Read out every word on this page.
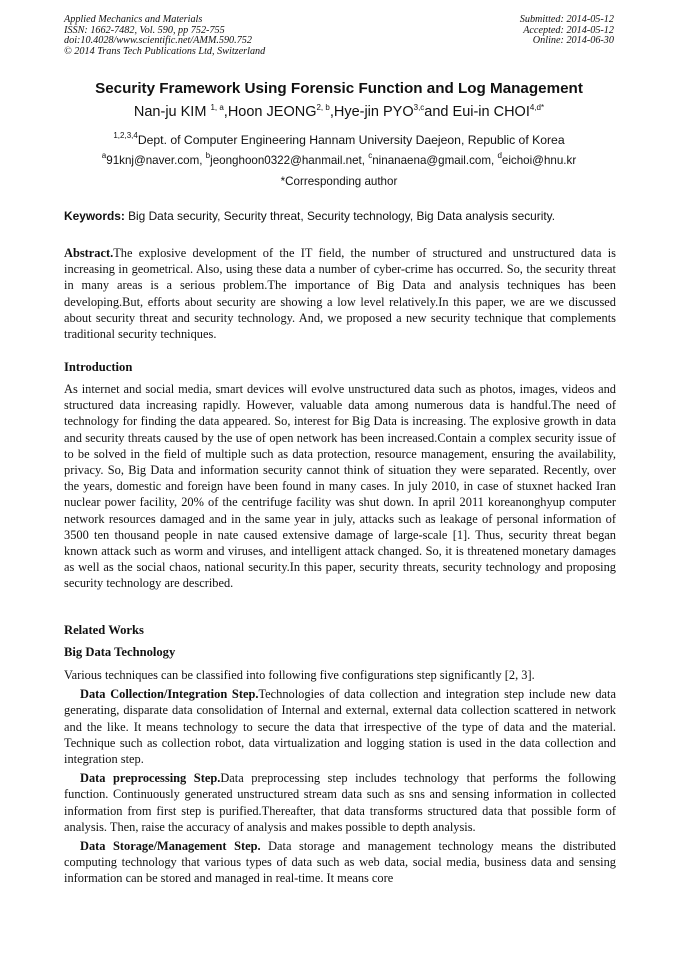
Applied Mechanics and Materials
ISSN: 1662-7482, Vol. 590, pp 752-755
doi:10.4028/www.scientific.net/AMM.590.752
© 2014 Trans Tech Publications Ltd, Switzerland
Submitted: 2014-05-12
Accepted: 2014-05-12
Online: 2014-06-30
Security Framework Using Forensic Function and Log Management
Nan-ju KIM $^{1, a}$,Hoon JEONG$^{2, b}$,Hye-jin PYO$^{3,c}$and Eui-in $CHOI^{4,d*}$
$^{1,2,3,4}$Dept. of Computer Engineering Hannam University Daejeon, Republic of Korea
$^a$91knj@naver.com, $^b$jeonghoon0322@hanmail.net, $^c$ninanaena@gmail.com, $^d$eichoi@hnu.kr
*Corresponding author
Keywords: Big Data security, Security threat, Security technology, Big Data analysis security.

Abstract.The explosive development of the IT field, the number of structured and unstructured data is increasing in geometrical. Also, using these data a number of cyber-crime has occurred. So, the security threat in many areas is a serious problem.The importance of Big Data and analysis techniques has been developing.But, efforts about security are showing a low level relatively.In this paper, we are we discussed about security threat and security technology. And, we proposed a new security technique that complements traditional security techniques.

Introduction

As internet and social media, smart devices will evolve unstructured data such as photos, images, videos and structured data increasing rapidly. However, valuable data among numerous data is handful.The need of technology for finding the data appeared. So, interest for Big Data is increasing. The explosive growth in data and security threats caused by the use of open network has been increased.Contain a complex security issue of to be solved in the field of multiple such as data protection, resource management, ensuring the availability, privacy. So, Big Data and information security cannot think of situation they were separated. Recently, over the years, domestic and foreign have been found in many cases. In july 2010, in case of stuxnet hacked Iran nuclear power facility, 20% of the centrifuge facility was shut down. In april 2011 koreanonghyup computer network resources damaged and in the same year in july, attacks such as leakage of personal information of 3500 ten thousand people in nate caused extensive damage of large-scale [1]. Thus, security threat began known attack such as worm and viruses, and intelligent attack changed. So, it is threatened monetary damages as well as the social chaos, national security.In this paper, security threats, security technology and proposing security technology are described.

Related Works
Big Data Technology

Various techniques can be classified into following five configurations step significantly [2, 3].

Data Collection/Integration Step.Technologies of data collection and integration step include new data generating, disparate data consolidation of Internal and external, external data collection scattered in network and the like. It means technology to secure the data that irrespective of the type of data and the material. Technique such as collection robot, data virtualization and logging station is used in the data collection and integration step.

Data preprocessing Step.Data preprocessing step includes technology that performs the following function. Continuously generated unstructured stream data such as sns and sensing information in collected information from first step is purified.Thereafter, that data transforms structured data that possible form of analysis. Then, raise the accuracy of analysis and makes possible to depth analysis.

Data Storage/Management Step. Data storage and management technology means the distributed computing technology that various types of data such as web data, social media, business data and sensing information can be stored and managed in real-time. It means core
